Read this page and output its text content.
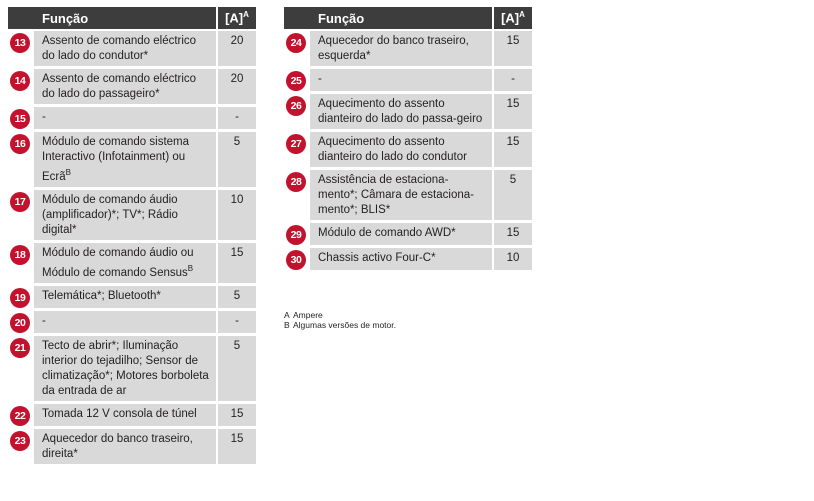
	Função	$[A]^A$

13	Assento de comando eléctrico do lado do condutor*	20

14	Assento de comando eléctrico do lado do passageiro*	20

15	-	-

16	Módulo de comando sistema Interactivo (Infotainment) ou Ecrã$^B$	5

17	Módulo de comando áudio (amplificador)*; TV*; Rádio digital*	10

18	Módulo de comando áudio ou Módulo de comando Sensus$^B$	15

19	Telemática*; Bluetooth*	5

20	-	-

21	Tecto de abrir*; Iluminação interior do tejadilho; Sensor de climatização*; Motores borboleta da entrada de ar	5

22	Tomada 12 V consola de túnel	15

23	Aquecedor do banco traseiro, direita*	15
	Função	$[A]^A$

24	Aquecedor do banco traseiro, esquerda*	15

25	-	-

26	Aquecimento do assento dianteiro do lado do passa-geiro	15

27	Aquecimento do assento dianteiro do lado do condutor	15

28	Assistência de estaciona-mento*; Câmara de estaciona-mento*; BLIS*	5

29	Módulo de comando AWD*	15

30	Chassis activo Four-C*	10
A Ampere
B Algumas versões de motor.
